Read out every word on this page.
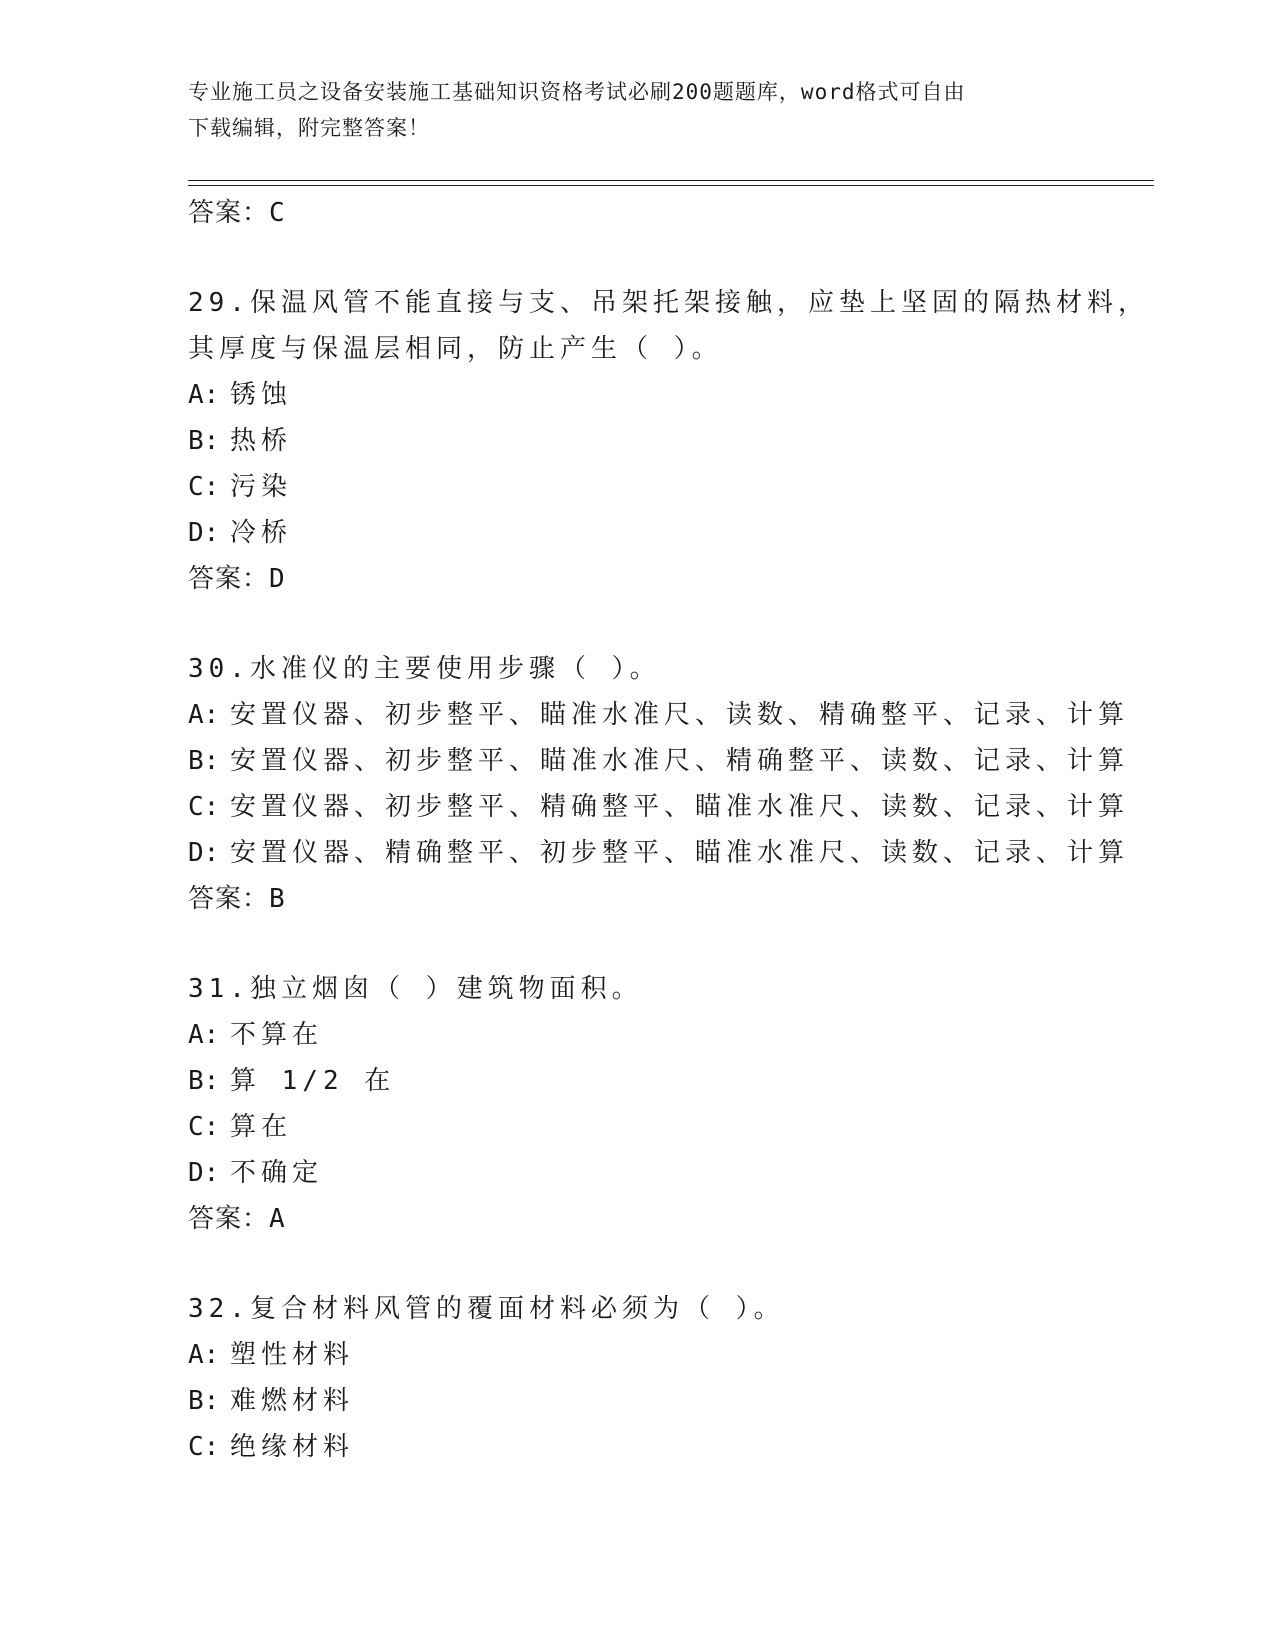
专业施工员之设备安装施工基础知识资格考试必刷200题题库，word格式可自由
下载编辑，附完整答案！
答案：C
29.保温风管不能直接与支、吊架托架接触，应垫上坚固的隔热材料，
其厚度与保温层相同，防止产生（ ）。
A: 锈蚀
B: 热桥
C: 污染
D: 冷桥
答案：D
30.水准仪的主要使用步骤（ ）。
A: 安置仪器、初步整平、瞄准水准尺、读数、精确整平、记录、计算
B: 安置仪器、初步整平、瞄准水准尺、精确整平、读数、记录、计算
C: 安置仪器、初步整平、精确整平、瞄准水准尺、读数、记录、计算
D: 安置仪器、精确整平、初步整平、瞄准水准尺、读数、记录、计算
答案：B
31.独立烟囱（ ）建筑物面积。
A: 不算在
B: 算 1/2 在
C: 算在
D: 不确定
答案：A
32.复合材料风管的覆面材料必须为（ ）。
A: 塑性材料
B: 难燃材料
C: 绝缘材料
